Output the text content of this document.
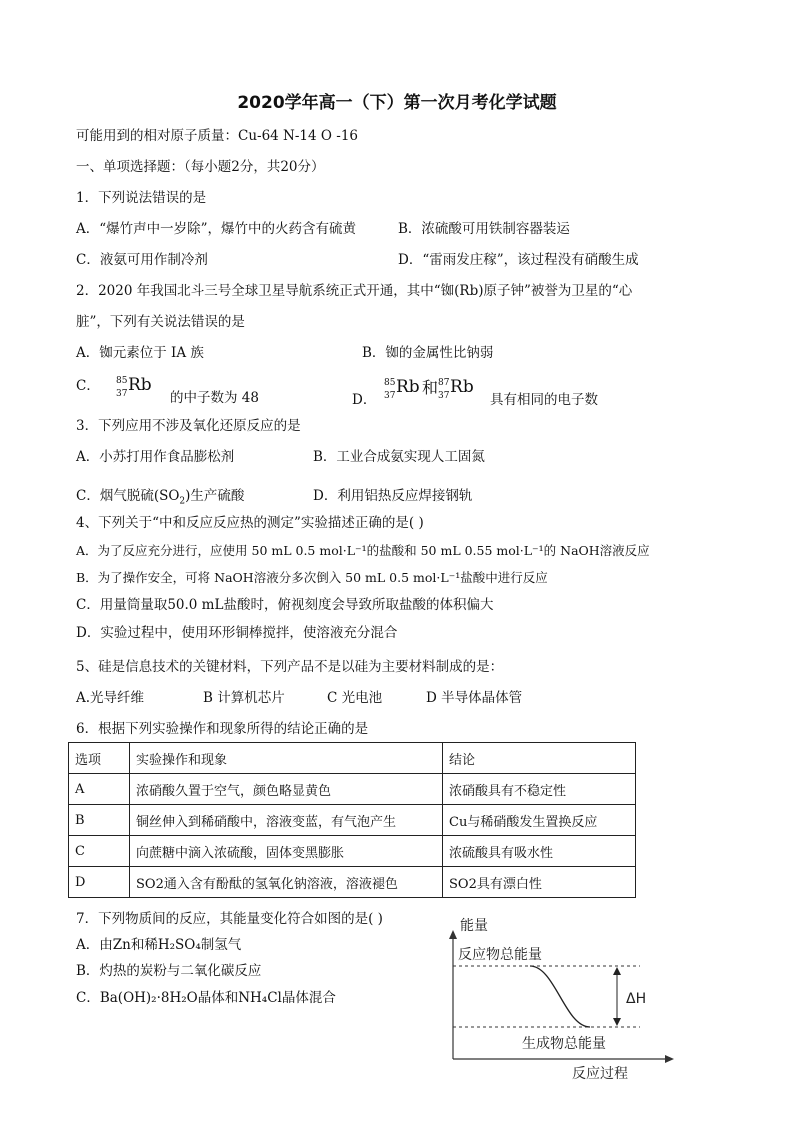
2020学年高一（下）第一次月考化学试题
可能用到的相对原子质量：Cu-64 N-14 O -16
一、单项选择题：（每小题2分，共20分）
1．下列说法错误的是
A．“爆竹声中一岁除”，爆竹中的火药含有硫黄	B．浓硫酸可用铁制容器装运
C．液氨可用作制冷剂	D．“雷雨发庄稼”，该过程没有硝酸生成
2．2020 年我国北斗三号全球卫星导航系统正式开通，其中“铷(Rb)原子钟”被誉为卫星的“心
脏”，下列有关说法错误的是
A．铷元素位于 IA 族	B．铷的金属性比钠弱
C． 85
37 Rb
的中子数为 48	D．
85
37 Rb 和 87
37 Rb
具有相同的电子数
3．下列应用不涉及氧化还原反应的是
A．小苏打用作食品膨松剂	B．工业合成氨实现人工固氮
C．烟气脱硫$(SO_2)$生产硫酸	D．利用铝热反应焊接钢轨
4、下列关于“中和反应反应热的测定”实验描述正确的是( )
A．为了反应充分进行，应使用 50 mL 0.5 mol·L⁻¹的盐酸和 50 mL 0.55 mol·L⁻¹的 NaOH溶液反应
B．为了操作安全，可将 NaOH溶液分多次倒入 50 mL 0.5 mol·L⁻¹盐酸中进行反应
C．用量筒量取50.0 mL盐酸时，俯视刻度会导致所取盐酸的体积偏大
D．实验过程中，使用环形铜棒搅拌，使溶液充分混合
5、硅是信息技术的关键材料，下列产品不是以硅为主要材料制成的是：
A.光导纤维	B 计算机芯片	C 光电池	D 半导体晶体管
6．根据下列实验操作和现象所得的结论正确的是
选项	实验操作和现象	结论
A	浓硝酸久置于空气，颜色略显黄色	浓硝酸具有不稳定性
B	铜丝伸入到稀硝酸中，溶液变蓝，有气泡产生	Cu与稀硝酸发生置换反应
C	向蔗糖中滴入浓硫酸，固体变黑膨胀	浓硫酸具有吸水性
D	SO2通入含有酚酞的氢氧化钠溶液，溶液褪色	SO2具有漂白性
7．下列物质间的反应，其能量变化符合如图的是( )
A．由Zn和稀H₂SO₄制氢气
B．灼热的炭粉与二氧化碳反应
C．Ba(OH)₂·8H₂O晶体和NH₄Cl晶体混合
能量
反应物总能量
ΔH
生成物总能量
反应过程
